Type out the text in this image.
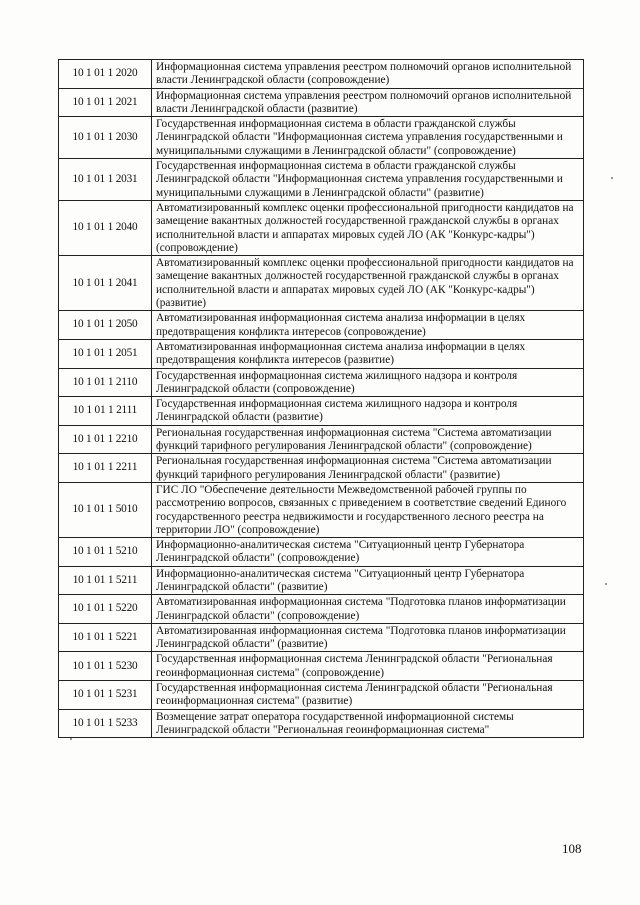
10 1 01 1 2020	Информационная система управления реестром полномочий органов исполнительной власти Ленинградской области (сопровождение)
10 1 01 1 2021	Информационная система управления реестром полномочий органов исполнительной власти Ленинградской области (развитие)
10 1 01 1 2030	Государственная информационная система в области гражданской службы Ленинградской области "Информационная система управления государственными и муниципальными служащими в Ленинградской области" (сопровождение)
10 1 01 1 2031	Государственная информационная система в области гражданской службы Ленинградской области "Информационная система управления государственными и муниципальными служащими в Ленинградской области" (развитие)
10 1 01 1 2040	Автоматизированный комплекс оценки профессиональной пригодности кандидатов на замещение вакантных должностей государственной гражданской службы в органах исполнительной власти и аппаратах мировых судей ЛО (АК "Конкурс-кадры") (сопровождение)
10 1 01 1 2041	Автоматизированный комплекс оценки профессиональной пригодности кандидатов на замещение вакантных должностей государственной гражданской службы в органах исполнительной власти и аппаратах мировых судей ЛО (АК "Конкурс-кадры") (развитие)
10 1 01 1 2050	Автоматизированная информационная система анализа информации в целях предотвращения конфликта интересов (сопровождение)
10 1 01 1 2051	Автоматизированная информационная система анализа информации в целях предотвращения конфликта интересов (развитие)
10 1 01 1 2110	Государственная информационная система жилищного надзора и контроля Ленинградской области (сопровождение)
10 1 01 1 2111	Государственная информационная система жилищного надзора и контроля Ленинградской области (развитие)
10 1 01 1 2210	Региональная государственная информационная система "Система автоматизации функций тарифного регулирования Ленинградской области" (сопровождение)
10 1 01 1 2211	Региональная государственная информационная система "Система автоматизации функций тарифного регулирования Ленинградской области" (развитие)
10 1 01 1 5010	ГИС ЛО "Обеспечение деятельности Межведомственной рабочей группы по рассмотрению вопросов, связанных с приведением в соответствие сведений Единого государственного реестра недвижимости и государственного лесного реестра на территории ЛО" (сопровождение)
10 1 01 1 5210	Информационно-аналитическая система "Ситуационный центр Губернатора Ленинградской области" (сопровождение)
10 1 01 1 5211	Информационно-аналитическая система "Ситуационный центр Губернатора Ленинградской области" (развитие)
10 1 01 1 5220	Автоматизированная информационная система "Подготовка планов информатизации Ленинградской области" (сопровождение)
10 1 01 1 5221	Автоматизированная информационная система "Подготовка планов информатизации Ленинградской области" (развитие)
10 1 01 1 5230	Государственная информационная система Ленинградской области "Региональная геоинформационная система" (сопровождение)
10 1 01 1 5231	Государственная информационная система Ленинградской области "Региональная геоинформационная система" (развитие)
10 1 01 1 5233	Возмещение затрат оператора государственной информационной системы Ленинградской области "Региональная геоинформационная система"
108
